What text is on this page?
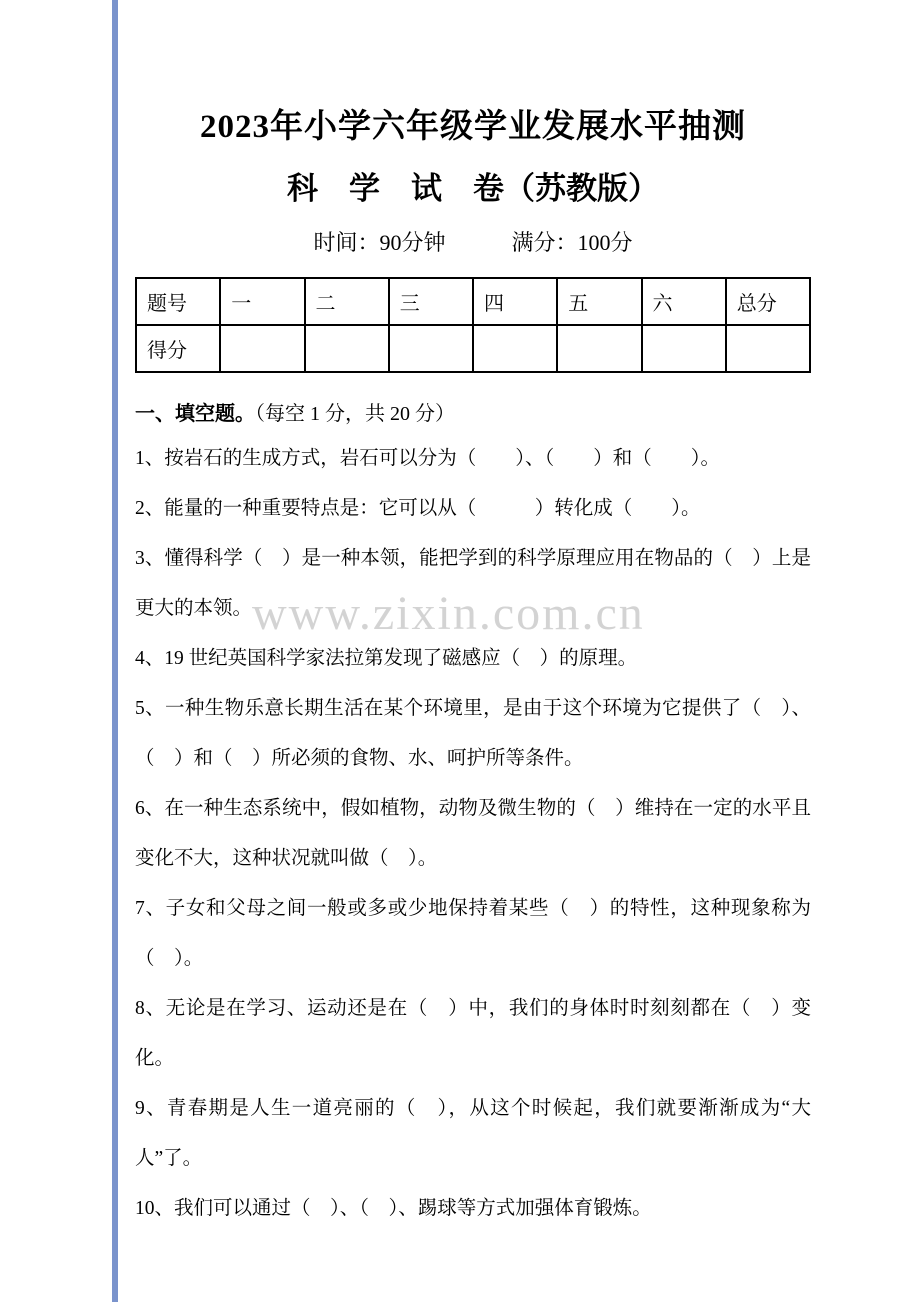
www.zixin.com.cn
2023年小学六年级学业发展水平抽测
科　学　试　卷（苏教版）
时间：90分钟	满分：100分
题号	一	二	三	四	五	六	总分
得分							
一、填空题。（每空 1 分，共 20 分）

1、按岩石的生成方式，岩石可以分为（　　）、（　　）和（　　）。

2、能量的一种重要特点是：它可以从（　　　）转化成（　　）。

3、懂得科学（　）是一种本领，能把学到的科学原理应用在物品的（　）上是更大的本领。

4、19 世纪英国科学家法拉第发现了磁感应（　）的原理。

5、一种生物乐意长期生活在某个环境里，是由于这个环境为它提供了（　）、（　）和（　）所必须的食物、水、呵护所等条件。

6、在一种生态系统中，假如植物，动物及微生物的（　）维持在一定的水平且变化不大，这种状况就叫做（　）。

7、子女和父母之间一般或多或少地保持着某些（　）的特性，这种现象称为（　）。

8、无论是在学习、运动还是在（　）中，我们的身体时时刻刻都在（　）变化。

9、青春期是人生一道亮丽的（　），从这个时候起，我们就要渐渐成为“大人”了。

10、我们可以通过（　）、（　）、踢球等方式加强体育锻炼。
